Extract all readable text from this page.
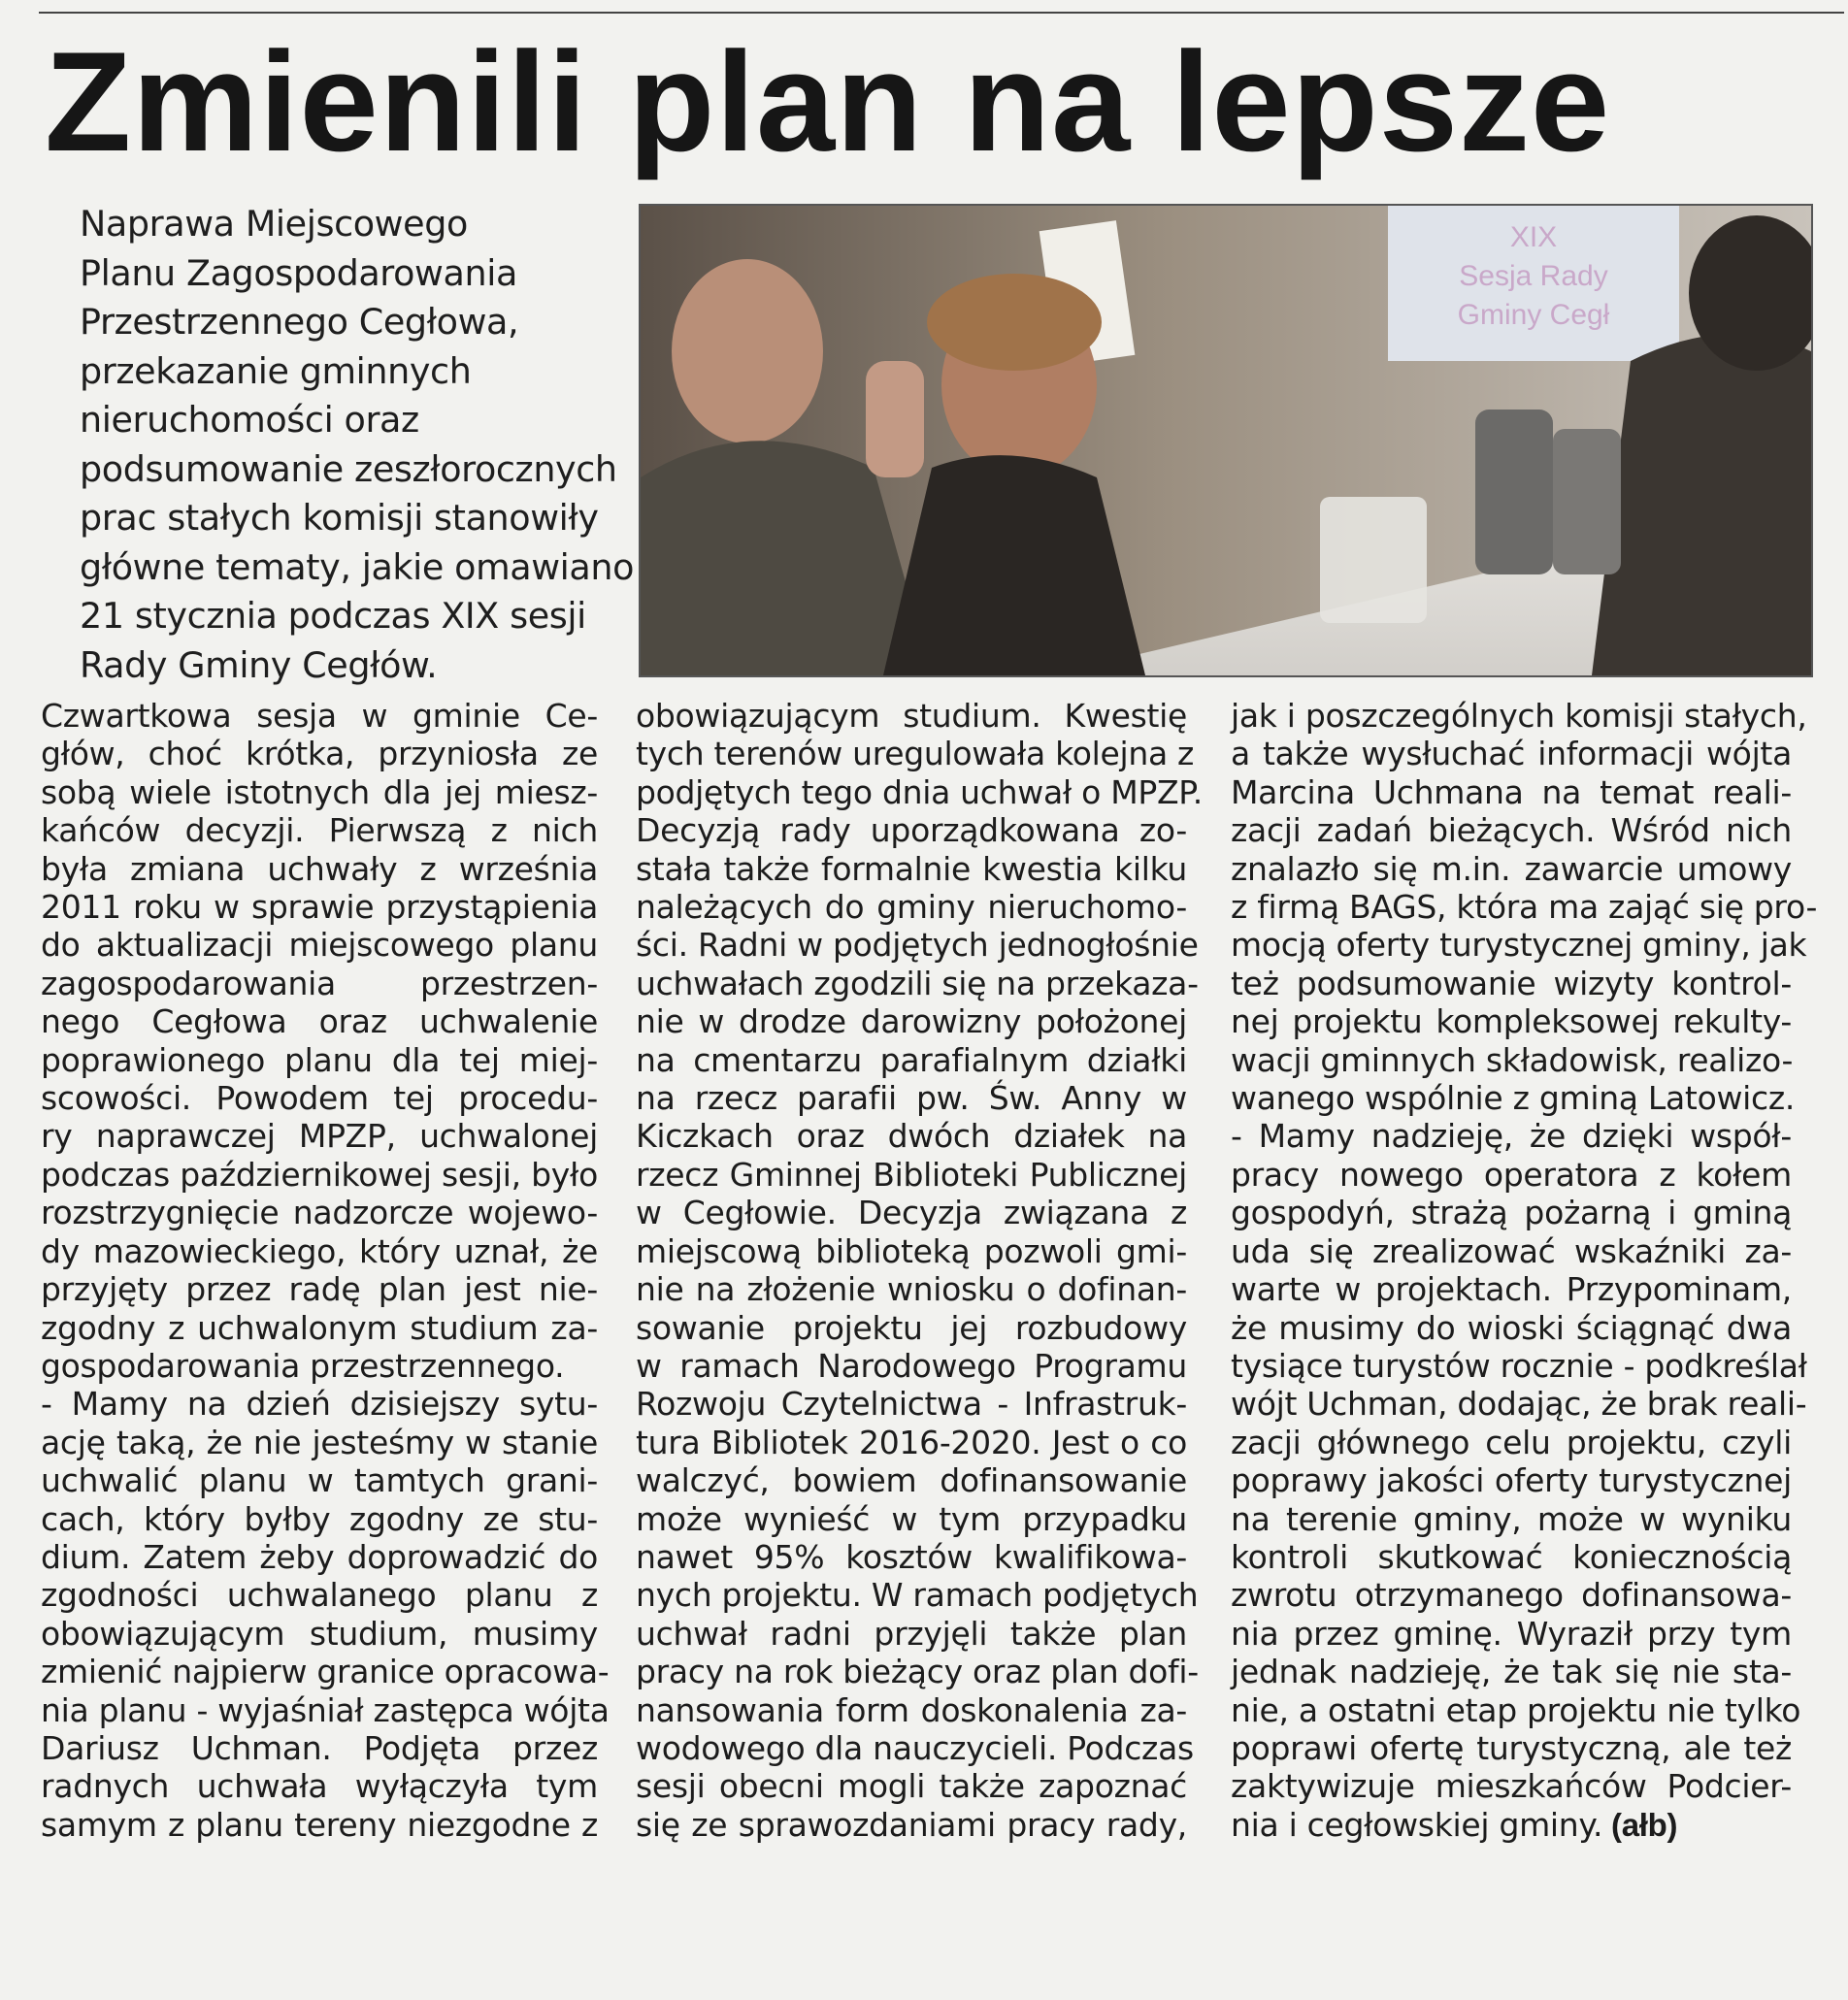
Zmienili plan na lepsze
Naprawa Miejscowego
Planu Zagospodarowania
Przestrzennego Cegłowa,
przekazanie gminnych
nieruchomości oraz
podsumowanie zeszłorocznych
prac stałych komisji stanowiły
główne tematy, jakie omawiano
21 stycznia podczas XIX sesji
Rady Gminy Cegłów.
XIX
Sesja Rady
Gminy Cegł
Czwartkowa sesja w gminie Ce-
głów, choć krótka, przyniosła ze
sobą wiele istotnych dla jej miesz-
kańców decyzji. Pierwszą z nich
była zmiana uchwały z września
2011 roku w sprawie przystąpienia
do aktualizacji miejscowego planu
zagospodarowania przestrzen-
nego Cegłowa oraz uchwalenie
poprawionego planu dla tej miej-
scowości. Powodem tej procedu-
ry naprawczej MPZP, uchwalonej
podczas październikowej sesji, było
rozstrzygnięcie nadzorcze wojewo-
dy mazowieckiego, który uznał, że
przyjęty przez radę plan jest nie-
zgodny z uchwalonym studium za-
gospodarowania przestrzennego.
- Mamy na dzień dzisiejszy sytu-
ację taką, że nie jesteśmy w stanie
uchwalić planu w tamtych grani-
cach, który byłby zgodny ze stu-
dium. Zatem żeby doprowadzić do
zgodności uchwalanego planu z
obowiązującym studium, musimy
zmienić najpierw granice opracowa-
nia planu - wyjaśniał zastępca wójta
Dariusz Uchman. Podjęta przez
radnych uchwała wyłączyła tym
samym z planu tereny niezgodne z
obowiązującym studium. Kwestię
tych terenów uregulowała kolejna z
podjętych tego dnia uchwał o MPZP.
Decyzją rady uporządkowana zo-
stała także formalnie kwestia kilku
należących do gminy nieruchomo-
ści. Radni w podjętych jednogłośnie
uchwałach zgodzili się na przekaza-
nie w drodze darowizny położonej
na cmentarzu parafialnym działki
na rzecz parafii pw. Św. Anny w
Kiczkach oraz dwóch działek na
rzecz Gminnej Biblioteki Publicznej
w Cegłowie. Decyzja związana z
miejscową biblioteką pozwoli gmi-
nie na złożenie wniosku o dofinan-
sowanie projektu jej rozbudowy
w ramach Narodowego Programu
Rozwoju Czytelnictwa - Infrastruk-
tura Bibliotek 2016-2020. Jest o co
walczyć, bowiem dofinansowanie
może wynieść w tym przypadku
nawet 95% kosztów kwalifikowa-
nych projektu. W ramach podjętych
uchwał radni przyjęli także plan
pracy na rok bieżący oraz plan dofi-
nansowania form doskonalenia za-
wodowego dla nauczycieli. Podczas
sesji obecni mogli także zapoznać
się ze sprawozdaniami pracy rady,
jak i poszczególnych komisji stałych,
a także wysłuchać informacji wójta
Marcina Uchmana na temat reali-
zacji zadań bieżących. Wśród nich
znalazło się m.in. zawarcie umowy
z firmą BAGS, która ma zająć się pro-
mocją oferty turystycznej gminy, jak
też podsumowanie wizyty kontrol-
nej projektu kompleksowej rekulty-
wacji gminnych składowisk, realizo-
wanego wspólnie z gminą Latowicz.
- Mamy nadzieję, że dzięki współ-
pracy nowego operatora z kołem
gospodyń, strażą pożarną i gminą
uda się zrealizować wskaźniki za-
warte w projektach. Przypominam,
że musimy do wioski ściągnąć dwa
tysiące turystów rocznie - podkreślał
wójt Uchman, dodając, że brak reali-
zacji głównego celu projektu, czyli
poprawy jakości oferty turystycznej
na terenie gminy, może w wyniku
kontroli skutkować koniecznością
zwrotu otrzymanego dofinansowa-
nia przez gminę. Wyraził przy tym
jednak nadzieję, że tak się nie sta-
nie, a ostatni etap projektu nie tylko
poprawi ofertę turystyczną, ale też
zaktywizuje mieszkańców Podcier-
nia i cegłowskiej gminy. (ałb)
